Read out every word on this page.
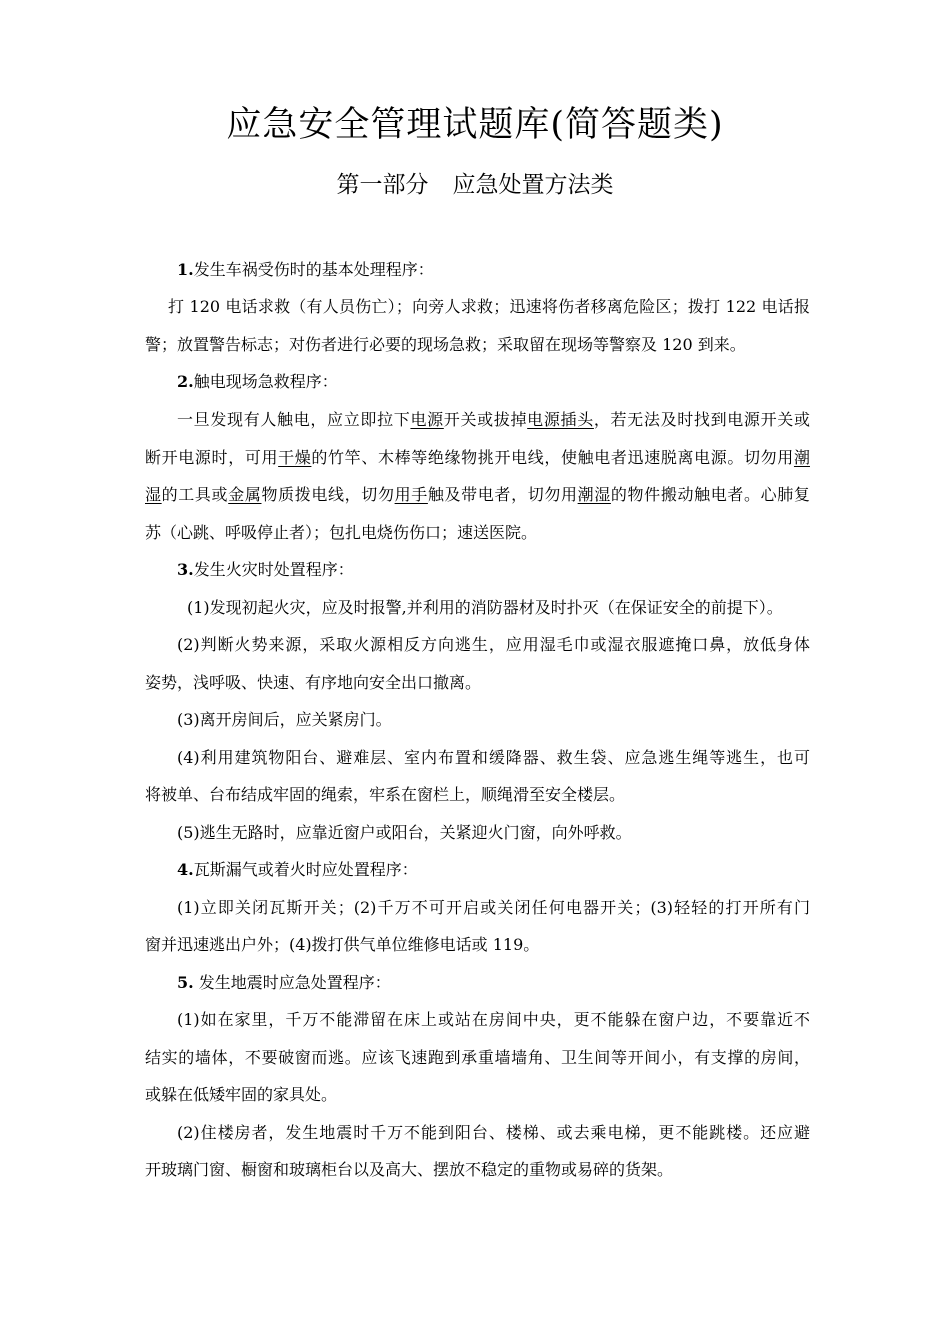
应急安全管理试题库(简答题类)
第一部分 应急处置方法类
1.发生车祸受伤时的基本处理程序：
打 120 电话求救（有人员伤亡）；向旁人求救；迅速将伤者移离危险区；拨打 122 电话报
警；放置警告标志；对伤者进行必要的现场急救；采取留在现场等警察及 120 到来。
2.触电现场急救程序：
一旦发现有人触电，应立即拉下电源开关或拔掉电源插头，若无法及时找到电源开关或
断开电源时，可用干燥的竹竿、木棒等绝缘物挑开电线，使触电者迅速脱离电源。切勿用潮
湿的工具或金属物质拨电线，切勿用手触及带电者，切勿用潮湿的物件搬动触电者。心肺复
苏（心跳、呼吸停止者）；包扎电烧伤伤口；速送医院。
3.发生火灾时处置程序：
(1)发现初起火灾，应及时报警,并利用的消防器材及时扑灭（在保证安全的前提下）。
(2)判断火势来源，采取火源相反方向逃生，应用湿毛巾或湿衣服遮掩口鼻，放低身体
姿势，浅呼吸、快速、有序地向安全出口撤离。
(3)离开房间后，应关紧房门。
(4)利用建筑物阳台、避难层、室内布置和缓降器、救生袋、应急逃生绳等逃生，也可
将被单、台布结成牢固的绳索，牢系在窗栏上，顺绳滑至安全楼层。
(5)逃生无路时，应靠近窗户或阳台，关紧迎火门窗，向外呼救。
4.瓦斯漏气或着火时应处置程序：
(1)立即关闭瓦斯开关；(2)千万不可开启或关闭任何电器开关；(3)轻轻的打开所有门
窗并迅速逃出户外；(4)拨打供气单位维修电话或 119。
5. 发生地震时应急处置程序：
(1)如在家里，千万不能滞留在床上或站在房间中央，更不能躲在窗户边，不要靠近不
结实的墙体，不要破窗而逃。应该飞速跑到承重墙墙角、卫生间等开间小，有支撑的房间，
或躲在低矮牢固的家具处。
(2)住楼房者，发生地震时千万不能到阳台、楼梯、或去乘电梯，更不能跳楼。还应避
开玻璃门窗、橱窗和玻璃柜台以及高大、摆放不稳定的重物或易碎的货架。
